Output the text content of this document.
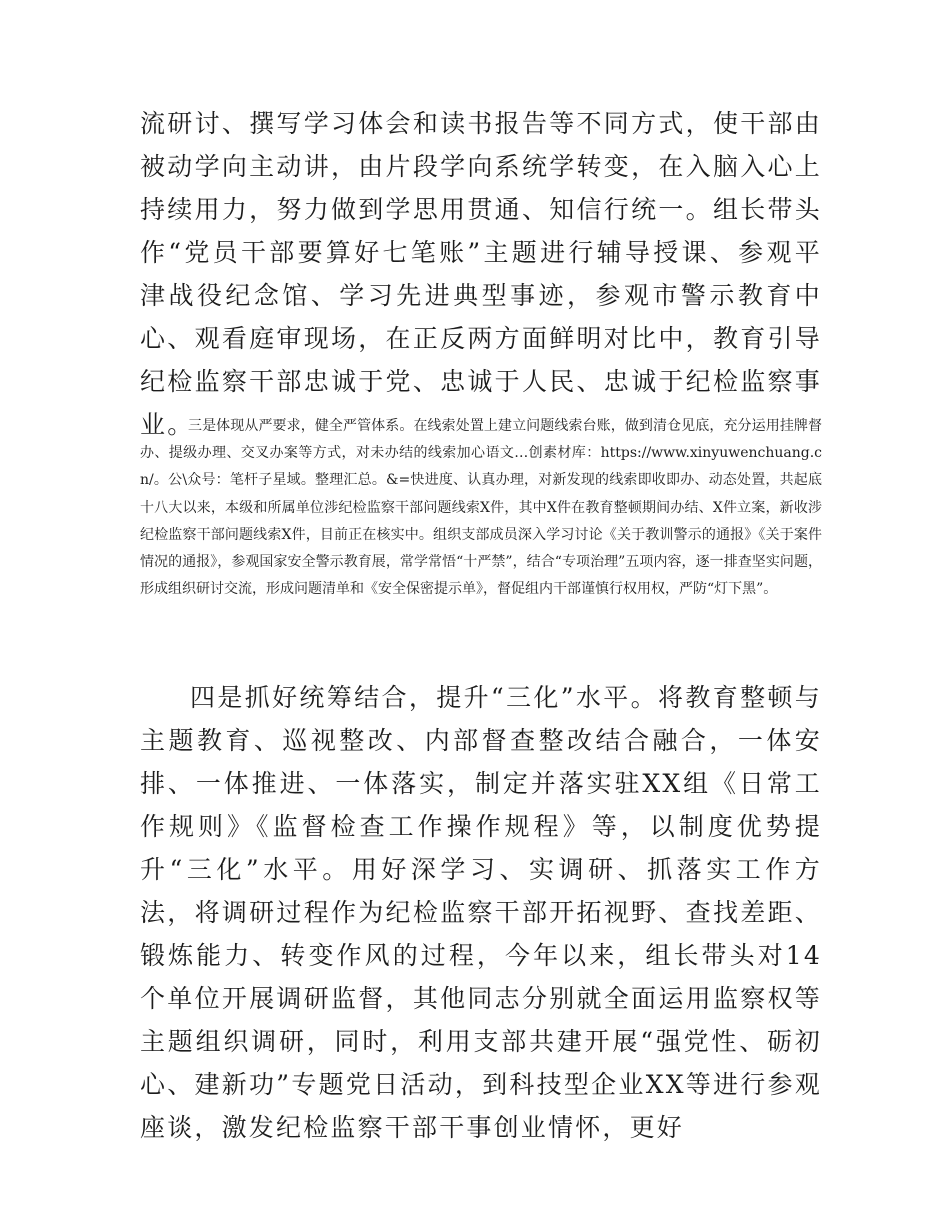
流研讨、撰写学习体会和读书报告等不同方式，使干部由被动学向主动讲，由片段学向系统学转变，在入脑入心上持续用力，努力做到学思用贯通、知信行统一。组长带头作“党员干部要算好七笔账”主题进行辅导授课、参观平津战役纪念馆、学习先进典型事迹，参观市警示教育中心、观看庭审现场，在正反两方面鲜明对比中，教育引导纪检监察干部忠诚于党、忠诚于人民、忠诚于纪检监察事业。

三是体现从严要求，健全严管体系。在线索处置上建立问题线索台账，做到清仓见底，充分运用挂牌督办、提级办理、交叉办案等方式，对未办结的线索加心语文…创素材库：https://www.xinyuwenchuang.cn/。公\众号：笔杆子星域。整理汇总。&=快进度、认真办理，对新发现的线索即收即办、动态处置，共起底十八大以来，本级和所属单位涉纪检监察干部问题线索X件，其中X件在教育整顿期间办结、X件立案，新收涉纪检监察干部问题线索X件，目前正在核实中。组织支部成员深入学习讨论《关于教训警示的通报》《关于案件情况的通报》，参观国家安全警示教育展，常学常悟“十严禁”，结合“专项治理”五项内容，逐一排查坚实问题，形成组织研讨交流，形成问题清单和《安全保密提示单》，督促组内干部谨慎行权用权，严防“灯下黑”。

四是抓好统筹结合，提升“三化”水平。将教育整顿与主题教育、巡视整改、内部督查整改结合融合，一体安排、一体推进、一体落实，制定并落实驻XX组《日常工作规则》《监督检查工作操作规程》等，以制度优势提升“三化”水平。用好深学习、实调研、抓落实工作方法，将调研过程作为纪检监察干部开拓视野、查找差距、锻炼能力、转变作风的过程，今年以来，组长带头对14个单位开展调研监督，其他同志分别就全面运用监察权等主题组织调研，同时，利用支部共建开展“强党性、砺初心、建新功”专题党日活动，到科技型企业XX等进行参观座谈，激发纪检监察干部干事创业情怀，更好
